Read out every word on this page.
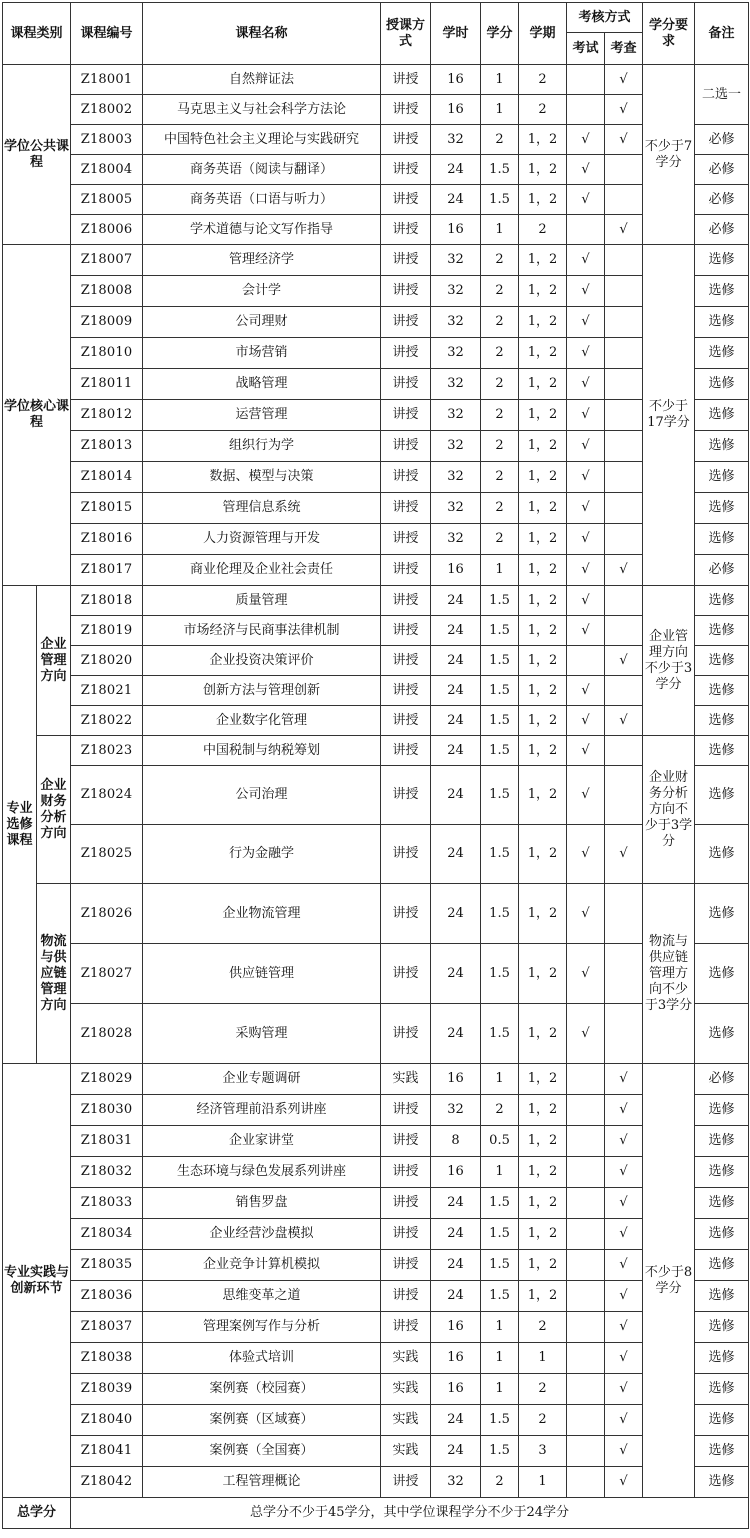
课程类别		课程编号	课程名称	授课方式	学时	学分	学期	考核方式		学分要求	备注
								考试	考查		
学位公共课程		Z18001	自然辩证法	讲授	16	1	2		√	不少于7学分	二选一
		Z18002	马克思主义与社会科学方法论	讲授	16	1	2		√		
		Z18003	中国特色社会主义理论与实践研究	讲授	32	2	1，2	√	√		必修
		Z18004	商务英语（阅读与翻译）	讲授	24	1.5	1，2	√			必修
		Z18005	商务英语（口语与听力）	讲授	24	1.5	1，2	√			必修
		Z18006	学术道德与论文写作指导	讲授	16	1	2		√		必修
学位核心课程		Z18007	管理经济学	讲授	32	2	1，2	√		不少于17学分	选修
		Z18008	会计学	讲授	32	2	1，2	√			选修
		Z18009	公司理财	讲授	32	2	1，2	√			选修
		Z18010	市场营销	讲授	32	2	1，2	√			选修
		Z18011	战略管理	讲授	32	2	1，2	√			选修
		Z18012	运营管理	讲授	32	2	1，2	√			选修
		Z18013	组织行为学	讲授	32	2	1，2	√			选修
		Z18014	数据、模型与决策	讲授	32	2	1，2	√			选修
		Z18015	管理信息系统	讲授	32	2	1，2	√			选修
		Z18016	人力资源管理与开发	讲授	32	2	1，2	√			选修
		Z18017	商业伦理及企业社会责任	讲授	16	1	1，2	√	√		必修
专业选修课程	企业管理方向	Z18018	质量管理	讲授	24	1.5	1，2	√		企业管理方向不少于3学分	选修
		Z18019	市场经济与民商事法律机制	讲授	24	1.5	1，2	√			选修
		Z18020	企业投资决策评价	讲授	24	1.5	1，2		√		选修
		Z18021	创新方法与管理创新	讲授	24	1.5	1，2	√			选修
		Z18022	企业数字化管理	讲授	24	1.5	1，2	√	√		选修
	企业财务分析方向	Z18023	中国税制与纳税筹划	讲授	24	1.5	1，2	√		企业财务分析方向不少于3学分	选修
		Z18024	公司治理	讲授	24	1.5	1，2	√			选修
		Z18025	行为金融学	讲授	24	1.5	1，2	√	√		选修
	物流与供应链管理方向	Z18026	企业物流管理	讲授	24	1.5	1，2	√		物流与供应链管理方向不少于3学分	选修
		Z18027	供应链管理	讲授	24	1.5	1，2	√			选修
		Z18028	采购管理	讲授	24	1.5	1，2	√			选修
专业实践与创新环节		Z18029	企业专题调研	实践	16	1	1，2		√	不少于8学分	必修
		Z18030	经济管理前沿系列讲座	讲授	32	2	1，2		√		选修
		Z18031	企业家讲堂	讲授	8	0.5	1，2		√		选修
		Z18032	生态环境与绿色发展系列讲座	讲授	16	1	1，2		√		选修
		Z18033	销售罗盘	讲授	24	1.5	1，2		√		选修
		Z18034	企业经营沙盘模拟	讲授	24	1.5	1，2		√		选修
		Z18035	企业竞争计算机模拟	讲授	24	1.5	1，2		√		选修
		Z18036	思维变革之道	讲授	24	1.5	1，2		√		选修
		Z18037	管理案例写作与分析	讲授	16	1	2		√		选修
		Z18038	体验式培训	实践	16	1	1		√		选修
		Z18039	案例赛（校园赛）	实践	16	1	2		√		选修
		Z18040	案例赛（区域赛）	实践	24	1.5	2		√		选修
		Z18041	案例赛（全国赛）	实践	24	1.5	3		√		选修
		Z18042	工程管理概论	讲授	32	2	1		√		选修
总学分		总学分不少于45学分，其中学位课程学分不少于24学分									
